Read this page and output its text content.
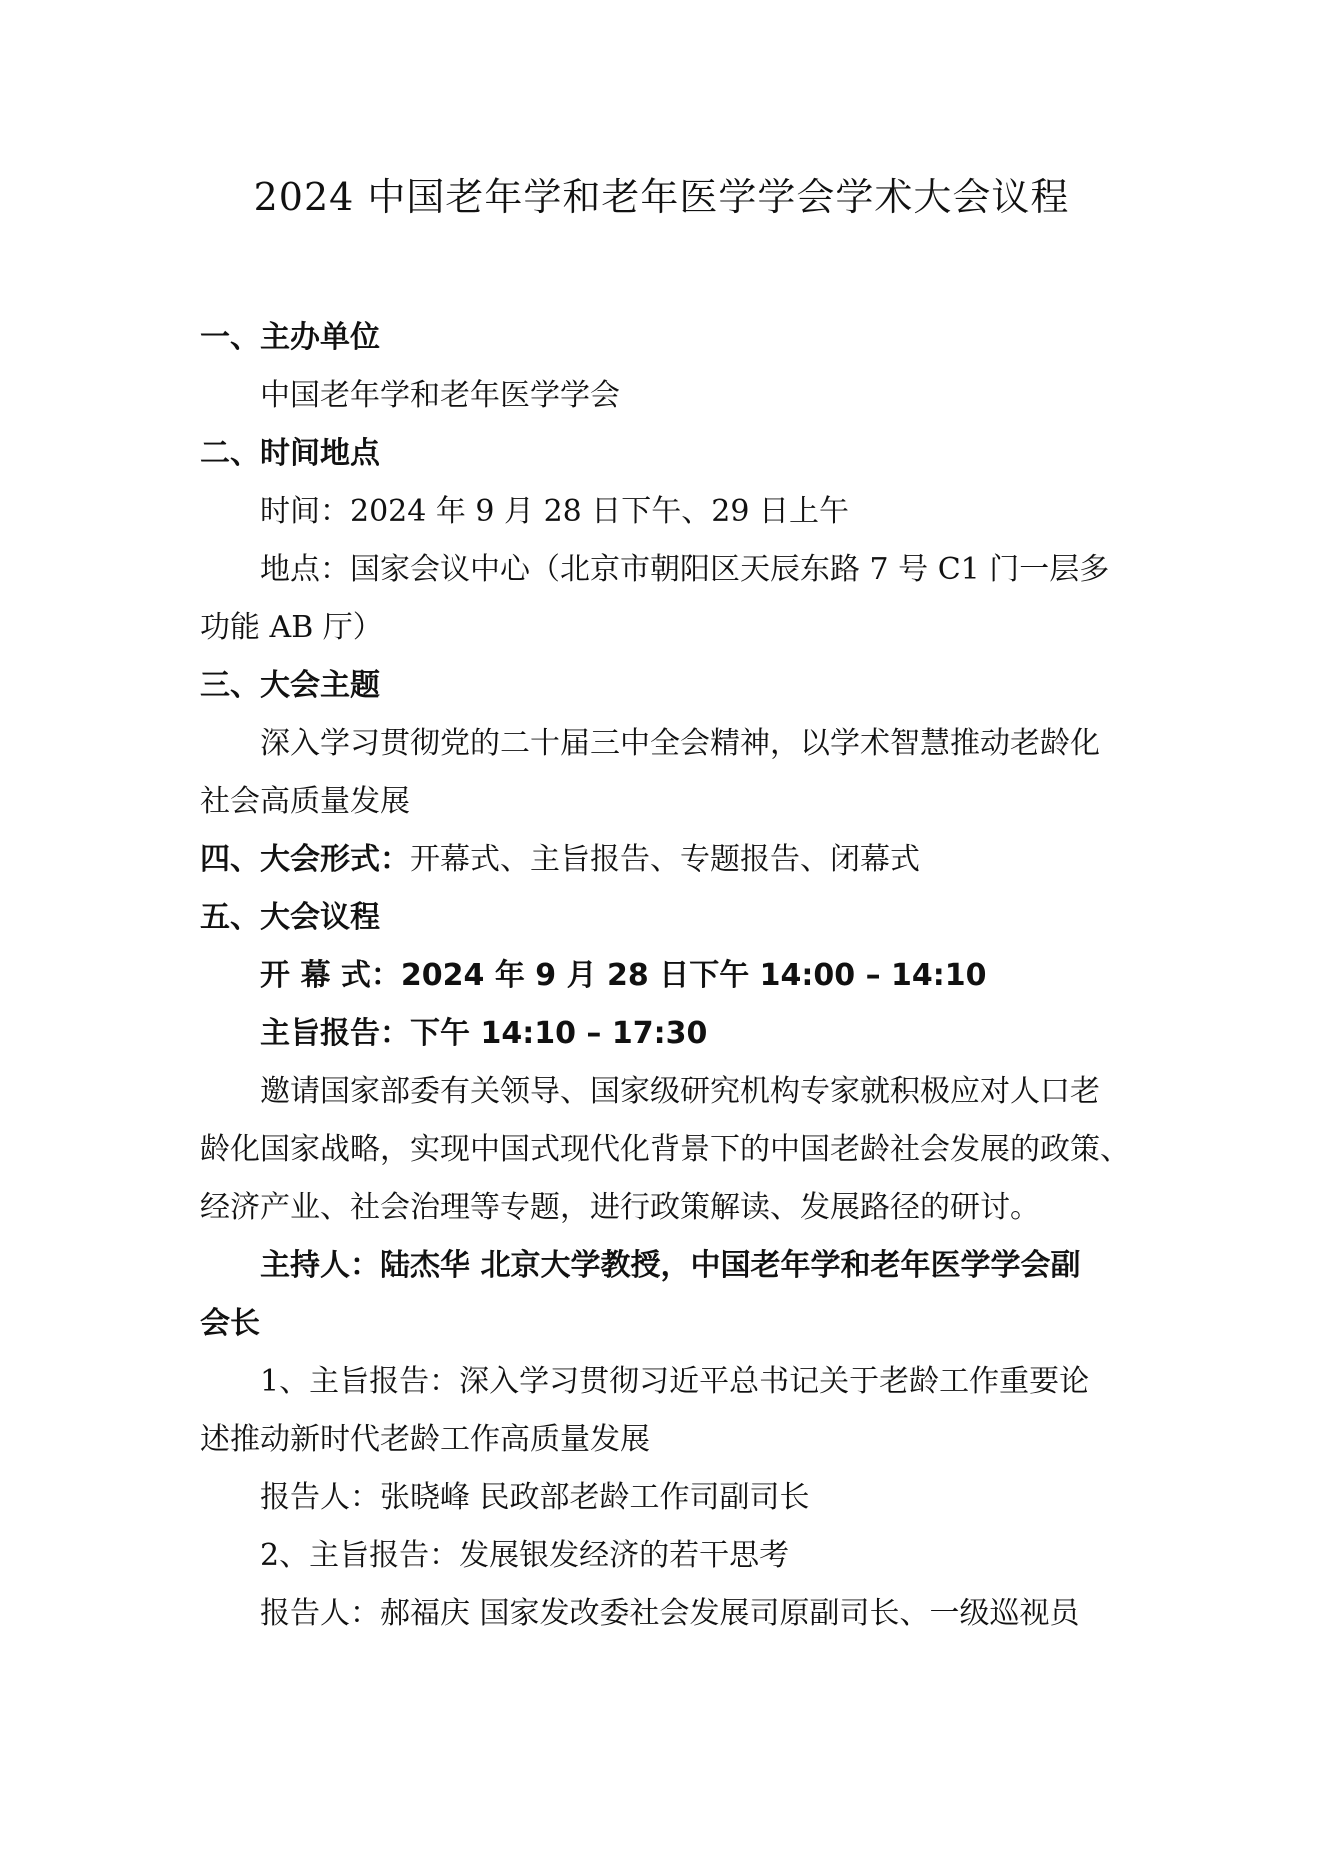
2024 中国老年学和老年医学学会学术大会议程
一、主办单位
中国老年学和老年医学学会
二、时间地点
时间：2024 年 9 月 28 日下午、29 日上午
地点：国家会议中心（北京市朝阳区天辰东路 7 号 C1 门一层多
功能 AB 厅）
三、大会主题
深入学习贯彻党的二十届三中全会精神，以学术智慧推动老龄化
社会高质量发展
四、大会形式：开幕式、主旨报告、专题报告、闭幕式
五、大会议程
开 幕 式：2024 年 9 月 28 日下午 14:00 – 14:10
主旨报告：下午 14:10 – 17:30
邀请国家部委有关领导、国家级研究机构专家就积极应对人口老
龄化国家战略，实现中国式现代化背景下的中国老龄社会发展的政策、
经济产业、社会治理等专题，进行政策解读、发展路径的研讨。
主持人：陆杰华 北京大学教授，中国老年学和老年医学学会副
会长
1、主旨报告：深入学习贯彻习近平总书记关于老龄工作重要论
述推动新时代老龄工作高质量发展
报告人：张晓峰 民政部老龄工作司副司长
2、主旨报告：发展银发经济的若干思考
报告人：郝福庆 国家发改委社会发展司原副司长、一级巡视员
